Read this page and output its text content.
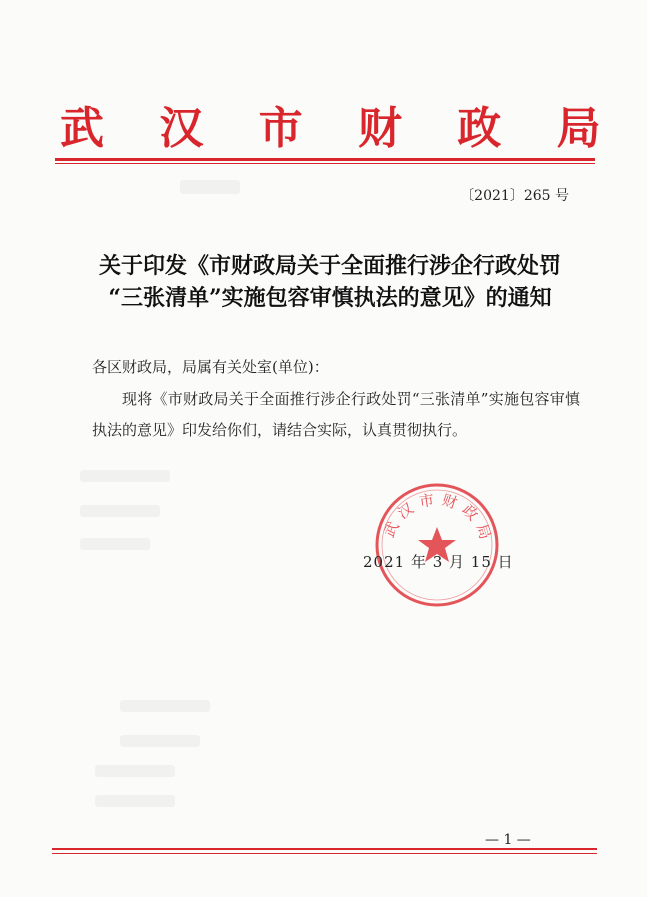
武 汉 市 财 政 局
〔2021〕265 号
关于印发《市财政局关于全面推行涉企行政处罚
“三张清单”实施包容审慎执法的意见》的通知
各区财政局，局属有关处室(单位)：
现将《市财政局关于全面推行涉企行政处罚“三张清单”实施包容审慎执法的意见》印发给你们，请结合实际，认真贯彻执行。
武汉市财政局
2021 年 3 月 15 日
— 1 —
